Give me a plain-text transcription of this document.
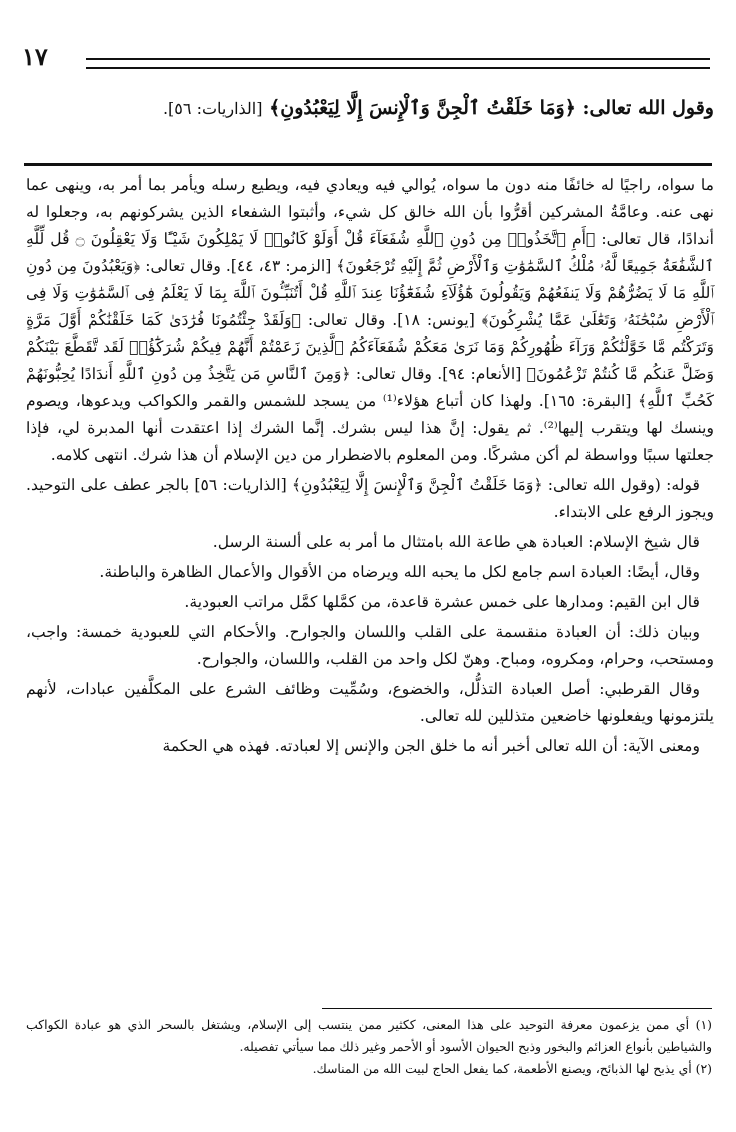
١٧
وقول الله تعالى: ﴿وَمَا خَلَقْتُ ٱلْجِنَّ وَٱلْإِنسَ إِلَّا لِيَعْبُدُونِ﴾ [الذاريات: ٥٦].

ما سواه، راجيًا له خائفًا منه دون ما سواه، يُوالي فيه ويعادي فيه، ويطيع رسله ويأمر بما أمر به، وينهى عما نهى عنه. وعامَّةُ المشركين أقرُّوا بأن الله خالق كل شيء، وأثبتوا الشفعاء الذين يشركونهم به، وجعلوا له أندادًا، قال تعالى: ﴿أَمِ ٱتَّخَذُوا۟ مِن دُونِ ٱللَّهِ شُفَعَآءَ قُلْ أَوَلَوْ كَانُوا۟ لَا يَمْلِكُونَ شَيْـًٔا وَلَا يَعْقِلُونَ ۝ قُل لِّلَّهِ ٱلشَّفَٰعَةُ جَمِيعًا لَّهُۥ مُلْكُ ٱلسَّمَٰوَٰتِ وَٱلْأَرْضِ ثُمَّ إِلَيْهِ تُرْجَعُونَ﴾ [الزمر: ٤٣، ٤٤]. وقال تعالى: ﴿وَيَعْبُدُونَ مِن دُونِ ٱللَّهِ مَا لَا يَضُرُّهُمْ وَلَا يَنفَعُهُمْ وَيَقُولُونَ هَٰٓؤُلَآءِ شُفَعَٰٓؤُنَا عِندَ ٱللَّهِ قُلْ أَتُنَبِّـُٔونَ ٱللَّهَ بِمَا لَا يَعْلَمُ فِى ٱلسَّمَٰوَٰتِ وَلَا فِى ٱلْأَرْضِ سُبْحَٰنَهُۥ وَتَعَٰلَىٰ عَمَّا يُشْرِكُونَ﴾ [يونس: ١٨]. وقال تعالى: ﴿وَلَقَدْ جِئْتُمُونَا فُرَٰدَىٰ كَمَا خَلَقْنَٰكُمْ أَوَّلَ مَرَّةٍ وَتَرَكْتُم مَّا خَوَّلْنَٰكُمْ وَرَآءَ ظُهُورِكُمْ وَمَا نَرَىٰ مَعَكُمْ شُفَعَآءَكُمُ ٱلَّذِينَ زَعَمْتُمْ أَنَّهُمْ فِيكُمْ شُرَكَٰٓؤُا۟ لَقَد تَّقَطَّعَ بَيْنَكُمْ وَضَلَّ عَنكُم مَّا كُنتُمْ تَزْعُمُونَ﴾ [الأنعام: ٩٤]. وقال تعالى: ﴿وَمِنَ ٱلنَّاسِ مَن يَتَّخِذُ مِن دُونِ ٱللَّهِ أَندَادًا يُحِبُّونَهُمْ كَحُبِّ ٱللَّهِ﴾ [البقرة: ١٦٥]. ولهذا كان أتباع هؤلاء⁽¹⁾ من يسجد للشمس والقمر والكواكب ويدعوها، ويصوم وينسك لها ويتقرب إليها⁽²⁾. ثم يقول: إنَّ هذا ليس بشرك. إنَّما الشرك إذا اعتقدت أنها المدبرة لي، فإذا جعلتها سببًا وواسطة لم أكن مشركًا. ومن المعلوم بالاضطرار من دين الإسلام أن هذا شرك. انتهى كلامه.

قوله: (وقول الله تعالى: ﴿وَمَا خَلَقْتُ ٱلْجِنَّ وَٱلْإِنسَ إِلَّا لِيَعْبُدُونِ﴾ [الذاريات: ٥٦] بالجر عطف على التوحيد. ويجوز الرفع على الابتداء.

قال شيخ الإسلام: العبادة هي طاعة الله بامتثال ما أمر به على ألسنة الرسل.

وقال، أيضًا: العبادة اسم جامع لكل ما يحبه الله ويرضاه من الأقوال والأعمال الظاهرة والباطنة.

قال ابن القيم: ومدارها على خمس عشرة قاعدة، من كمَّلها كمَّل مراتب العبودية.

وبيان ذلك: أن العبادة منقسمة على القلب واللسان والجوارح. والأحكام التي للعبودية خمسة: واجب، ومستحب، وحرام، ومكروه، ومباح. وهنّ لكل واحد من القلب، واللسان، والجوارح.

وقال القرطبي: أصل العبادة التذلُّل، والخضوع، وسُمِّيت وظائف الشرع على المكلَّفين عبادات، لأنهم يلتزمونها ويفعلونها خاضعين متذللين لله تعالى.

ومعنى الآية: أن الله تعالى أخبر أنه ما خلق الجن والإنس إلا لعبادته. فهذه هي الحكمة

(١) أي ممن يزعمون معرفة التوحيد على هذا المعنى، ككثير ممن ينتسب إلى الإسلام، ويشتغل بالسحر الذي هو عبادة الكواكب والشياطين بأنواع العزائم والبخور وذبح الحيوان الأسود أو الأحمر وغير ذلك مما سيأتي تفصيله.

(٢) أي يذبح لها الذبائح، ويصنع الأطعمة، كما يفعل الحاج لبيت الله من المناسك.
